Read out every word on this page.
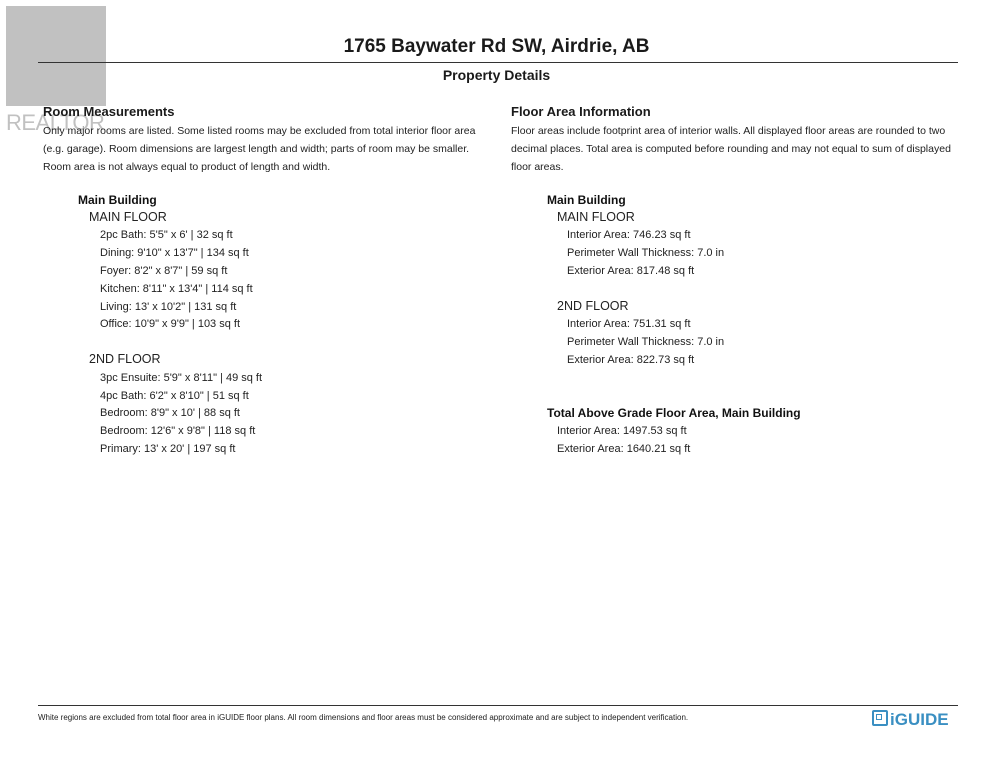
REALTOR
1765 Baywater Rd SW, Airdrie, AB
Property Details
Room Measurements
Only major rooms are listed. Some listed rooms may be excluded from total interior floor area
(e.g. garage). Room dimensions are largest length and width; parts of room may be smaller.
Room area is not always equal to product of length and width.
Main Building
MAIN FLOOR
2pc Bath: 5'5" x 6' | 32 sq ft
Dining: 9'10" x 13'7" | 134 sq ft
Foyer: 8'2" x 8'7" | 59 sq ft
Kitchen: 8'11" x 13'4" | 114 sq ft
Living: 13' x 10'2" | 131 sq ft
Office: 10'9" x 9'9" | 103 sq ft
2ND FLOOR
3pc Ensuite: 5'9" x 8'11" | 49 sq ft
4pc Bath: 6'2" x 8'10" | 51 sq ft
Bedroom: 8'9" x 10' | 88 sq ft
Bedroom: 12'6" x 9'8" | 118 sq ft
Primary: 13' x 20' | 197 sq ft
Floor Area Information
Floor areas include footprint area of interior walls. All displayed floor areas are rounded to two
decimal places. Total area is computed before rounding and may not equal to sum of displayed
floor areas.
Main Building
MAIN FLOOR
Interior Area: 746.23 sq ft
Perimeter Wall Thickness: 7.0 in
Exterior Area: 817.48 sq ft
2ND FLOOR
Interior Area: 751.31 sq ft
Perimeter Wall Thickness: 7.0 in
Exterior Area: 822.73 sq ft
Total Above Grade Floor Area, Main Building
Interior Area: 1497.53 sq ft
Exterior Area: 1640.21 sq ft
White regions are excluded from total floor area in iGUIDE floor plans. All room dimensions and floor areas must be considered approximate and are subject to independent verification.	iGUIDE
